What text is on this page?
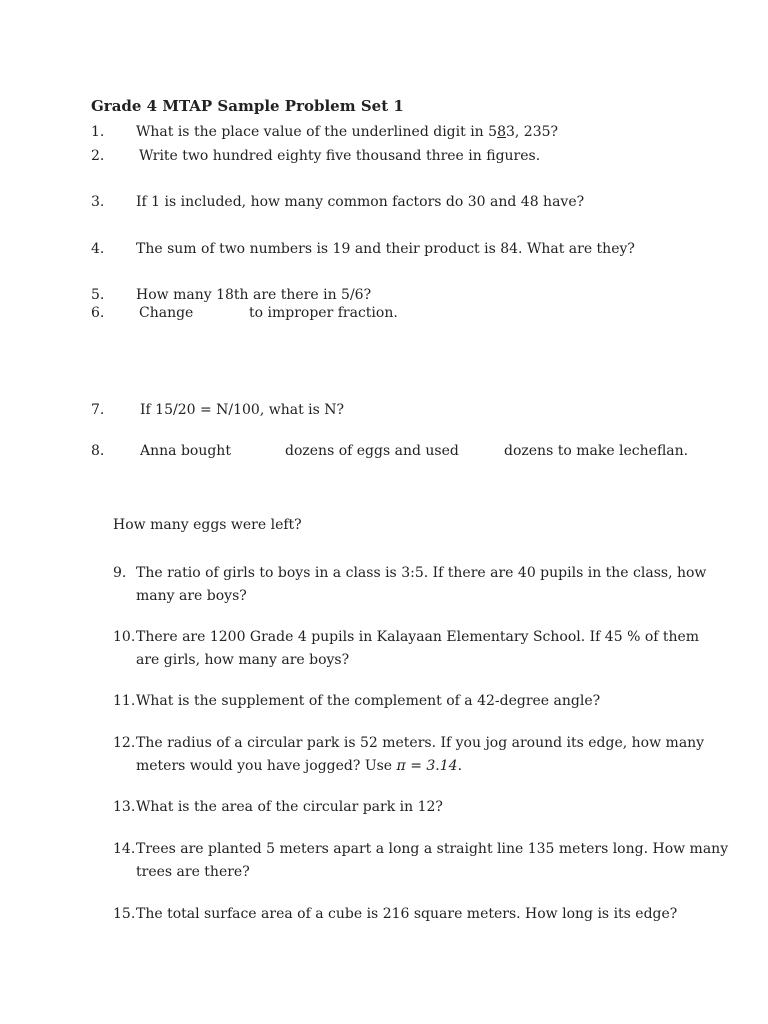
Grade 4 MTAP Sample Problem Set 1
1. What is the place value of the underlined digit in 583, 235?
2. Write two hundred eighty five thousand three in figures.
3. If 1 is included, how many common factors do 30 and 48 have?
4. The sum of two numbers is 19 and their product is 84. What are they?
5. How many 18th are there in 5/6?
6. Change	to improper fraction.
7.	If 15/20 = N/100, what is N?
8.	Anna bought	dozens of eggs and used	dozens to make lecheflan.
How many eggs were left?
9. The ratio of girls to boys in a class is 3:5. If there are 40 pupils in the class, how
many are boys?
10. There are 1200 Grade 4 pupils in Kalayaan Elementary School. If 45 % of them
are girls, how many are boys?
11. What is the supplement of the complement of a 42-degree angle?
12. The radius of a circular park is 52 meters. If you jog around its edge, how many
meters would you have jogged? Use π = 3.14.
13. What is the area of the circular park in 12?
14. Trees are planted 5 meters apart a long a straight line 135 meters long. How many
trees are there?
15. The total surface area of a cube is 216 square meters. How long is its edge?
